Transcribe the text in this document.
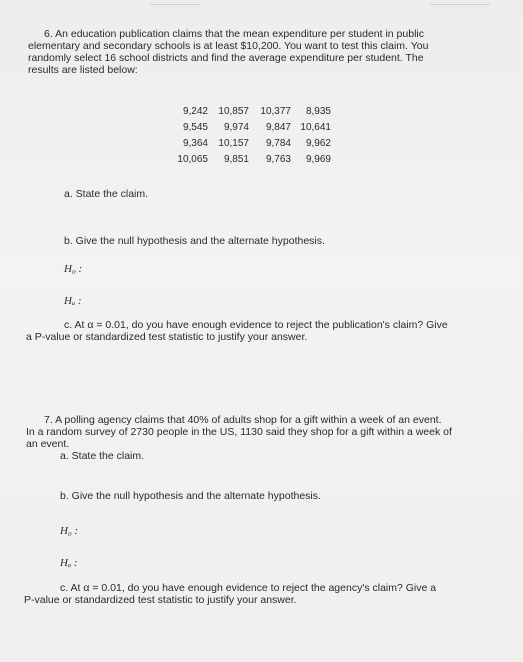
6. An education publication claims that the mean expenditure per student in public

elementary and secondary schools is at least $10,200. You want to test this claim. You

randomly select 16 school districts and find the average expenditure per student. The

results are listed below:

9,242	10,857	10,377	8,935
9,545	9,974	9,847	10,641
9,364	10,157	9,784	9,962
10,065	9,851	9,763	9,969

a. State the claim.

b. Give the null hypothesis and the alternate hypothesis.

H₀ :

Hₐ :

c. At α = 0.01, do you have enough evidence to reject the publication's claim? Give

a P-value or standardized test statistic to justify your answer.

7. A polling agency claims that 40% of adults shop for a gift within a week of an event.

In a random survey of 2730 people in the US, 1130 said they shop for a gift within a week of

an event.

a. State the claim.

b. Give the null hypothesis and the alternate hypothesis.

H₀ :

Hₐ :

c. At α = 0.01, do you have enough evidence to reject the agency's claim? Give a

P-value or standardized test statistic to justify your answer.
